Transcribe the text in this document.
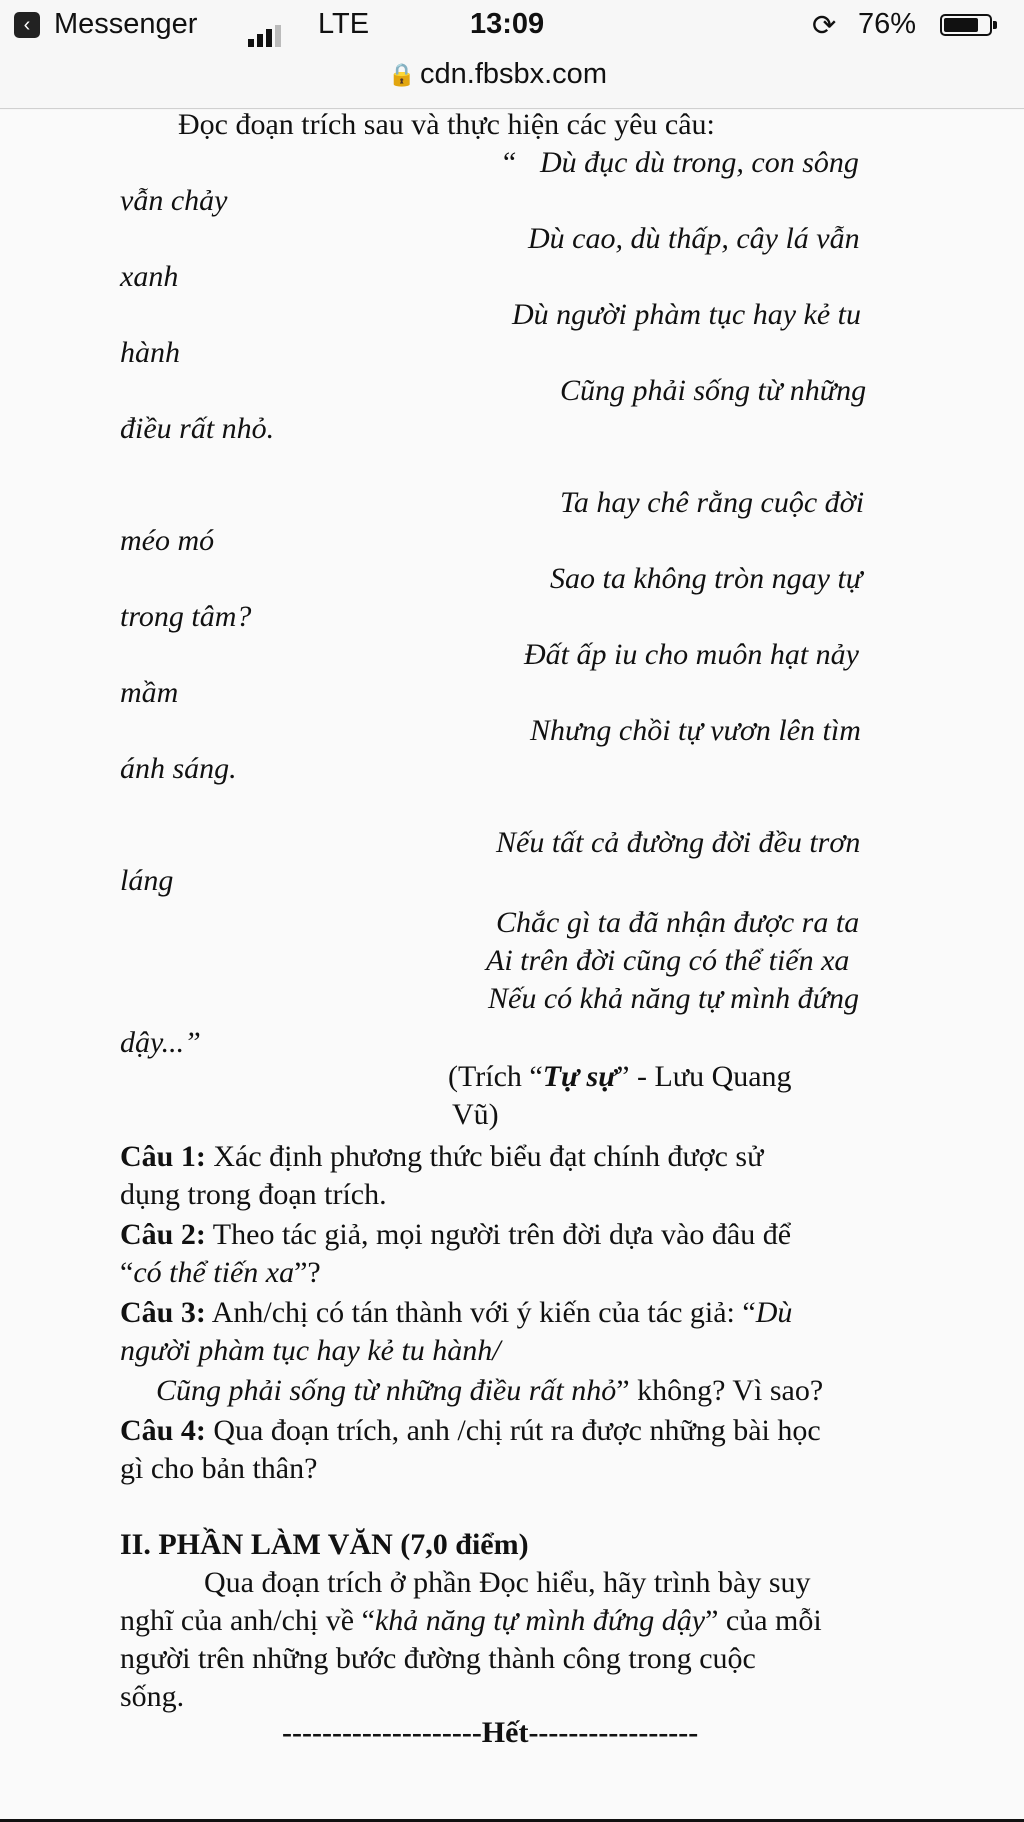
‹ Messenger	LTE	13:09	⟳ 76%
🔒 cdn.fbsbx.com
Đọc đoạn trích sau và thực hiện các yêu câu:
“ Dù đục dù trong, con sông
vẫn chảy
Dù cao, dù thấp, cây lá vẫn
xanh
Dù người phàm tục hay kẻ tu
hành
Cũng phải sống từ những
điều rất nhỏ.
Ta hay chê rằng cuộc đời
méo mó
Sao ta không tròn ngay tự
trong tâm?
Đất ấp iu cho muôn hạt nảy
mầm
Nhưng chồi tự vươn lên tìm
ánh sáng.
Nếu tất cả đường đời đều trơn
láng
Chắc gì ta đã nhận được ra ta
Ai trên đời cũng có thể tiến xa
Nếu có khả năng tự mình đứng
dậy...”
(Trích “Tự sự” - Lưu Quang
Vũ)
Câu 1: Xác định phương thức biểu đạt chính được sử
dụng trong đoạn trích.
Câu 2: Theo tác giả, mọi người trên đời dựa vào đâu để
“có thể tiến xa”?
Câu 3: Anh/chị có tán thành với ý kiến của tác giả: “Dù
người phàm tục hay kẻ tu hành/
Cũng phải sống từ những điều rất nhỏ” không? Vì sao?
Câu 4: Qua đoạn trích, anh /chị rút ra được những bài học
gì cho bản thân?
II. PHẦN LÀM VĂN (7,0 điểm)
Qua đoạn trích ở phần Đọc hiểu, hãy trình bày suy
nghĩ của anh/chị về “khả năng tự mình đứng dậy” của mỗi
người trên những bước đường thành công trong cuộc
sống.
--------------------Hết-----------------
